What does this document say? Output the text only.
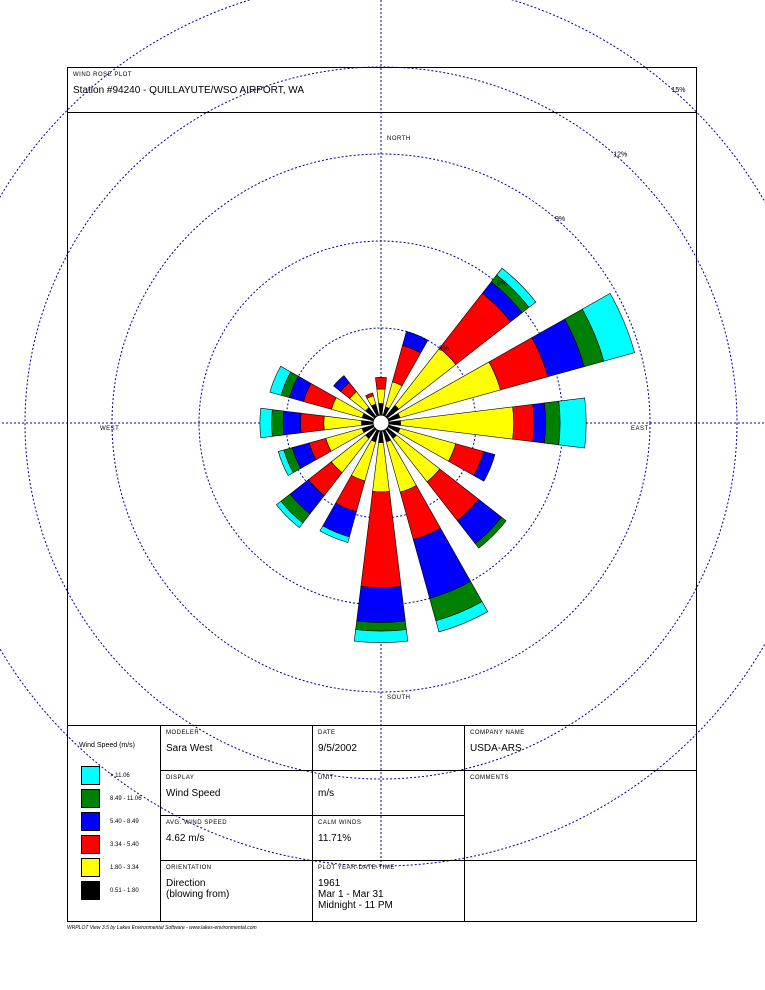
WIND ROSE PLOT
Station #94240 - QUILLAYUTE/WSO AIRPORT, WA
3%
6%
9%
12%
15%
NORTH
SOUTH
EAST
WEST
Wind Speed (m/s)
> 11.06
8.49 - 11.06
5.40 - 8.49
3.34 - 5.40
1.80 - 3.34
0.51 - 1.80
MODELER
Sara West
DATE
9/5/2002
COMPANY NAME
USDA-ARS
DISPLAY
Wind Speed
UNIT
m/s
COMMENTS
AVG. WIND SPEED
4.62 m/s
CALM WINDS
11.71%
ORIENTATION
Direction
(blowing from)
PLOT YEAR-DATE-TIME
1961
Mar 1 - Mar 31
Midnight - 11 PM
WRPLOT View 3.5 by Lakes Environmental Software - www.lakes-environmental.com
